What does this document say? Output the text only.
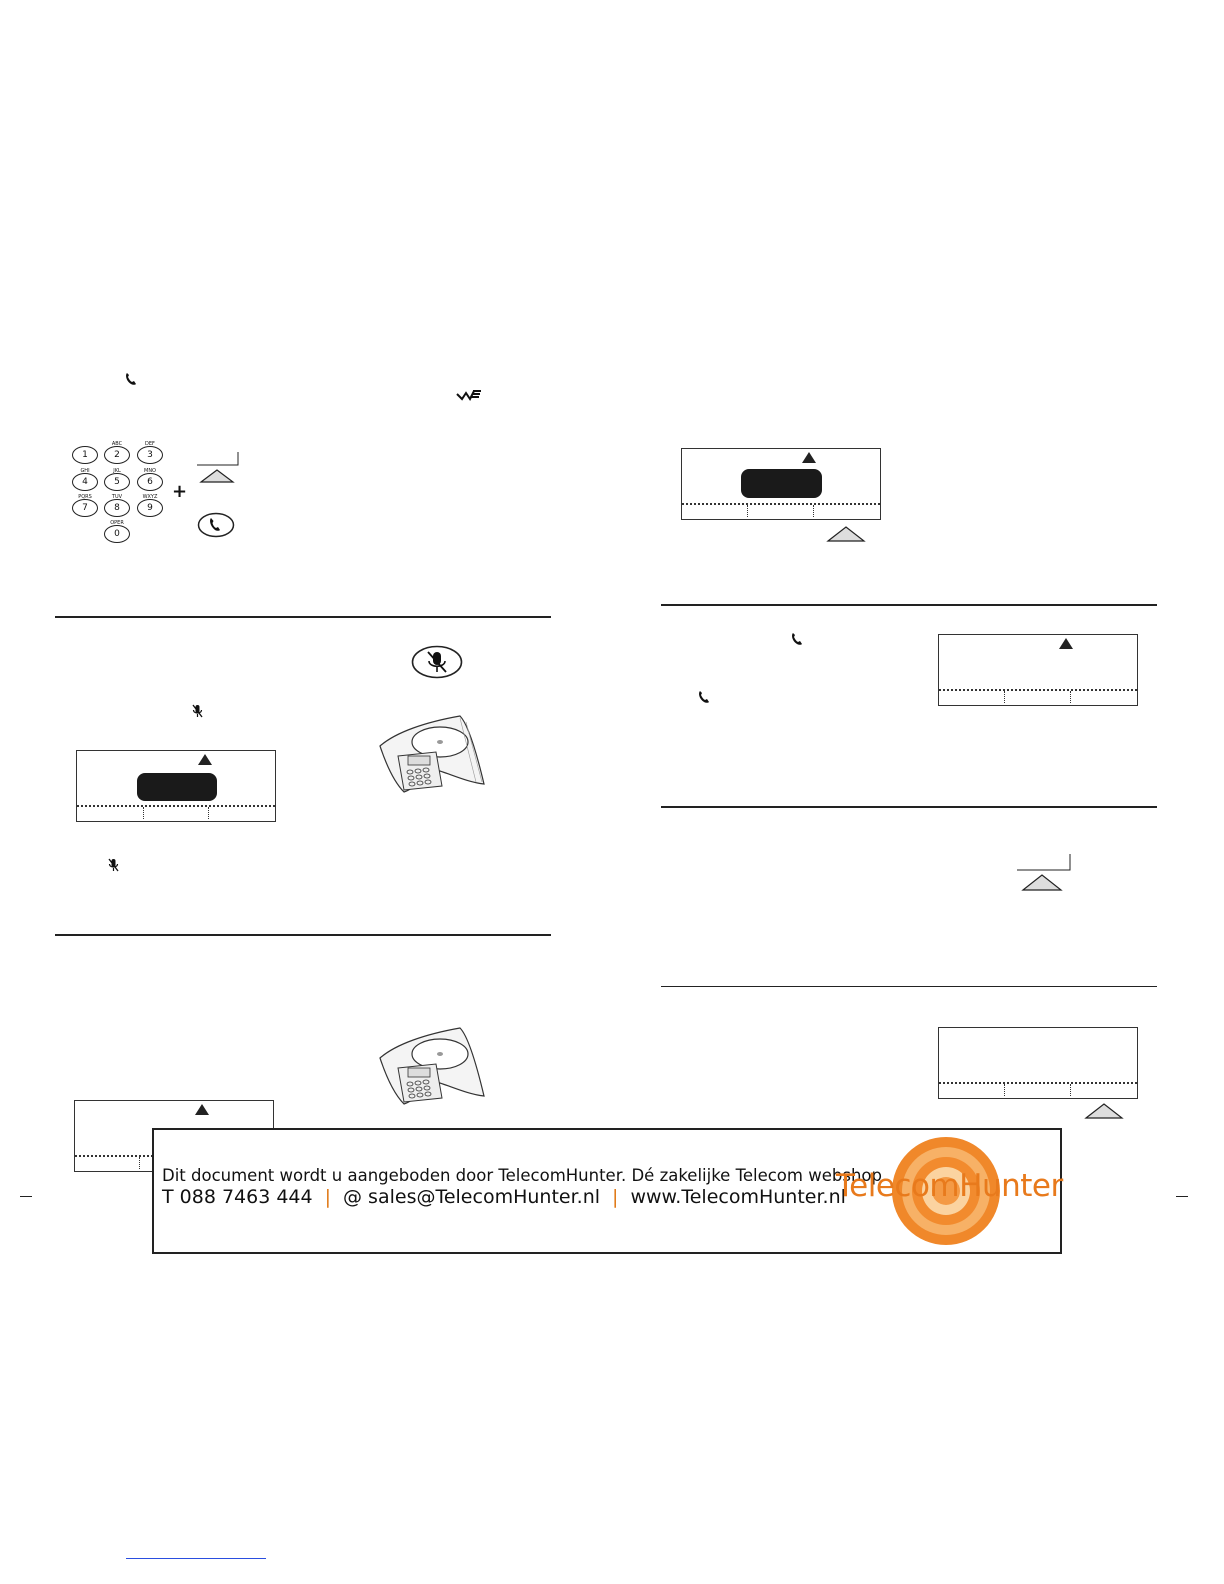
1
ABC
2
DEF
3
GHI
4
JKL
5
MNO
6
PQRS
7
TUV
8
WXYZ
9
OPER
0
+
Dit document wordt u aangeboden door TelecomHunter. Dé zakelijke Telecom webshop.
T 088 7463 444 | @ sales@TelecomHunter.nl | www.TelecomHunter.nl
TelecomHunter
